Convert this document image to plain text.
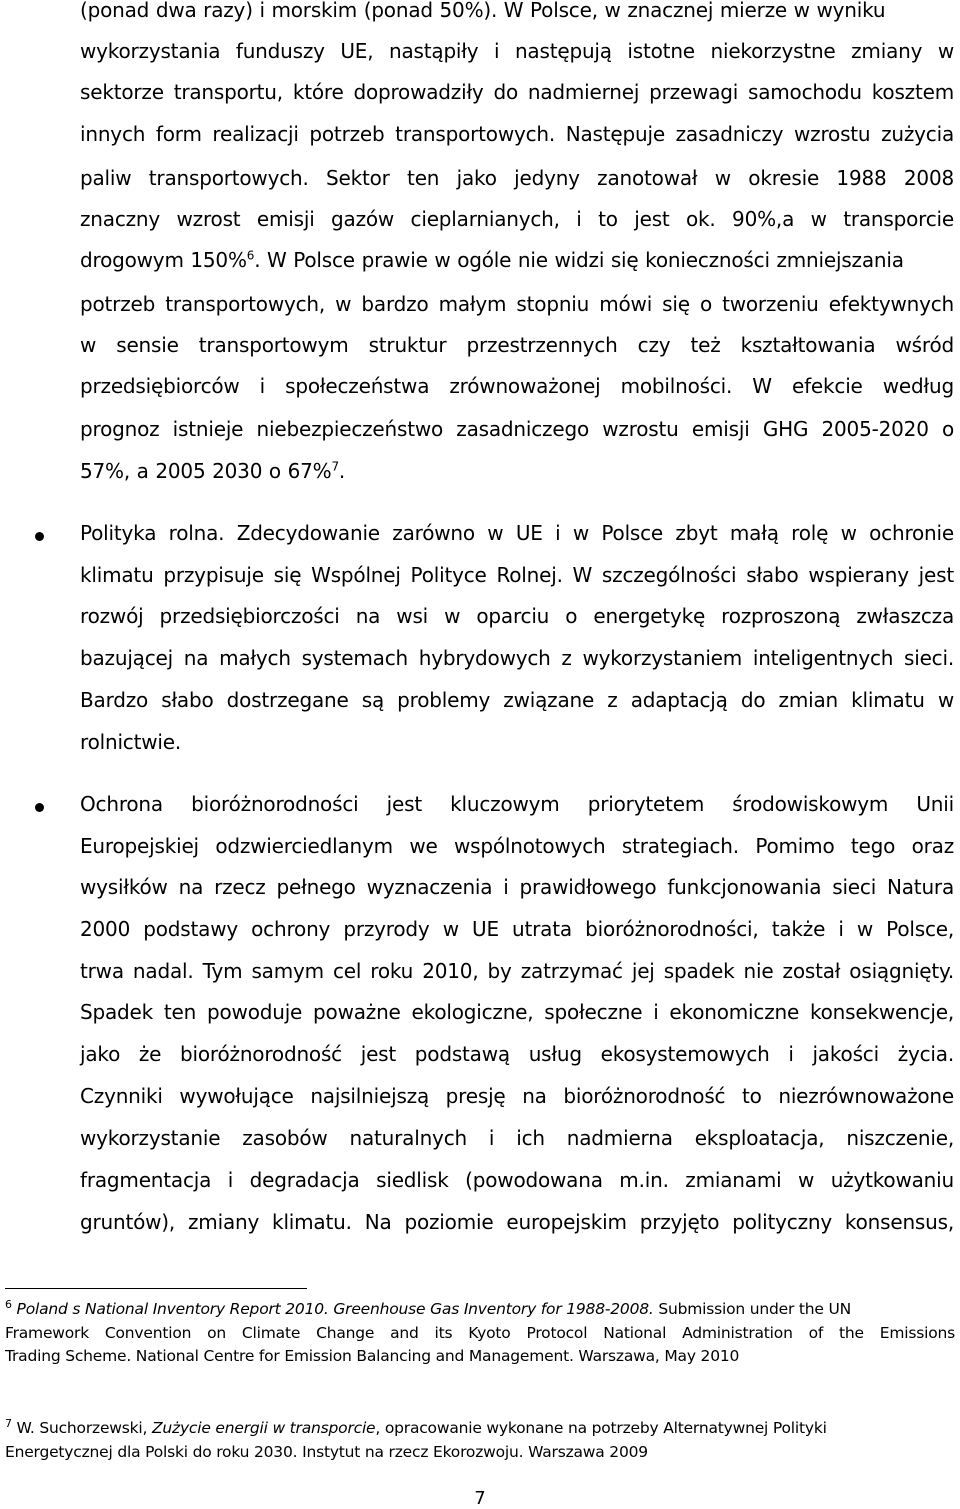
(ponad dwa razy) i morskim (ponad 50%). W Polsce, w znacznej mierze w wyniku
wykorzystania funduszy UE, nastąpiły i następują istotne niekorzystne zmiany w
sektorze transportu, które doprowadziły do nadmiernej przewagi samochodu kosztem
innych form realizacji potrzeb transportowych. Następuje zasadniczy wzrostu zużycia
paliw transportowych. Sektor ten jako jedyny zanotował w okresie 1988 2008
znaczny wzrost emisji gazów cieplarnianych, i to jest ok. 90%,a w transporcie
drogowym 150%$^6$. W Polsce prawie w ogóle nie widzi się konieczności zmniejszania
potrzeb transportowych, w bardzo małym stopniu mówi się o tworzeniu efektywnych
w sensie transportowym struktur przestrzennych czy też kształtowania wśród
przedsiębiorców i społeczeństwa zrównoważonej mobilności. W efekcie według
prognoz istnieje niebezpieczeństwo zasadniczego wzrostu emisji GHG 2005-2020 o
57%, a 2005 2030 o 67%$^7$.
Polityka rolna. Zdecydowanie zarówno w UE i w Polsce zbyt małą rolę w ochronie
klimatu przypisuje się Wspólnej Polityce Rolnej. W szczególności słabo wspierany jest
rozwój przedsiębiorczości na wsi w oparciu o energetykę rozproszoną zwłaszcza
bazującej na małych systemach hybrydowych z wykorzystaniem inteligentnych sieci.
Bardzo słabo dostrzegane są problemy związane z adaptacją do zmian klimatu w
rolnictwie.
Ochrona bioróżnorodności jest kluczowym priorytetem środowiskowym Unii
Europejskiej odzwierciedlanym we wspólnotowych strategiach. Pomimo tego oraz
wysiłków na rzecz pełnego wyznaczenia i prawidłowego funkcjonowania sieci Natura
2000 podstawy ochrony przyrody w UE utrata bioróżnorodności, także i w Polsce,
trwa nadal. Tym samym cel roku 2010, by zatrzymać jej spadek nie został osiągnięty.
Spadek ten powoduje poważne ekologiczne, społeczne i ekonomiczne konsekwencje,
jako że bioróżnorodność jest podstawą usług ekosystemowych i jakości życia.
Czynniki wywołujące najsilniejszą presję na bioróżnorodność to niezrównoważone
wykorzystanie zasobów naturalnych i ich nadmierna eksploatacja, niszczenie,
fragmentacja i degradacja siedlisk (powodowana m.in. zmianami w użytkowaniu
gruntów), zmiany klimatu. Na poziomie europejskim przyjęto polityczny konsensus,
$^6$ Poland s National Inventory Report 2010. Greenhouse Gas Inventory for 1988-2008. Submission under the UN
Framework Convention on Climate Change and its Kyoto Protocol National Administration of the Emissions
Trading Scheme. National Centre for Emission Balancing and Management. Warszawa, May 2010
$^7$ W. Suchorzewski, Zużycie energii w transporcie, opracowanie wykonane na potrzeby Alternatywnej Polityki
Energetycznej dla Polski do roku 2030. Instytut na rzecz Ekorozwoju. Warszawa 2009
7
